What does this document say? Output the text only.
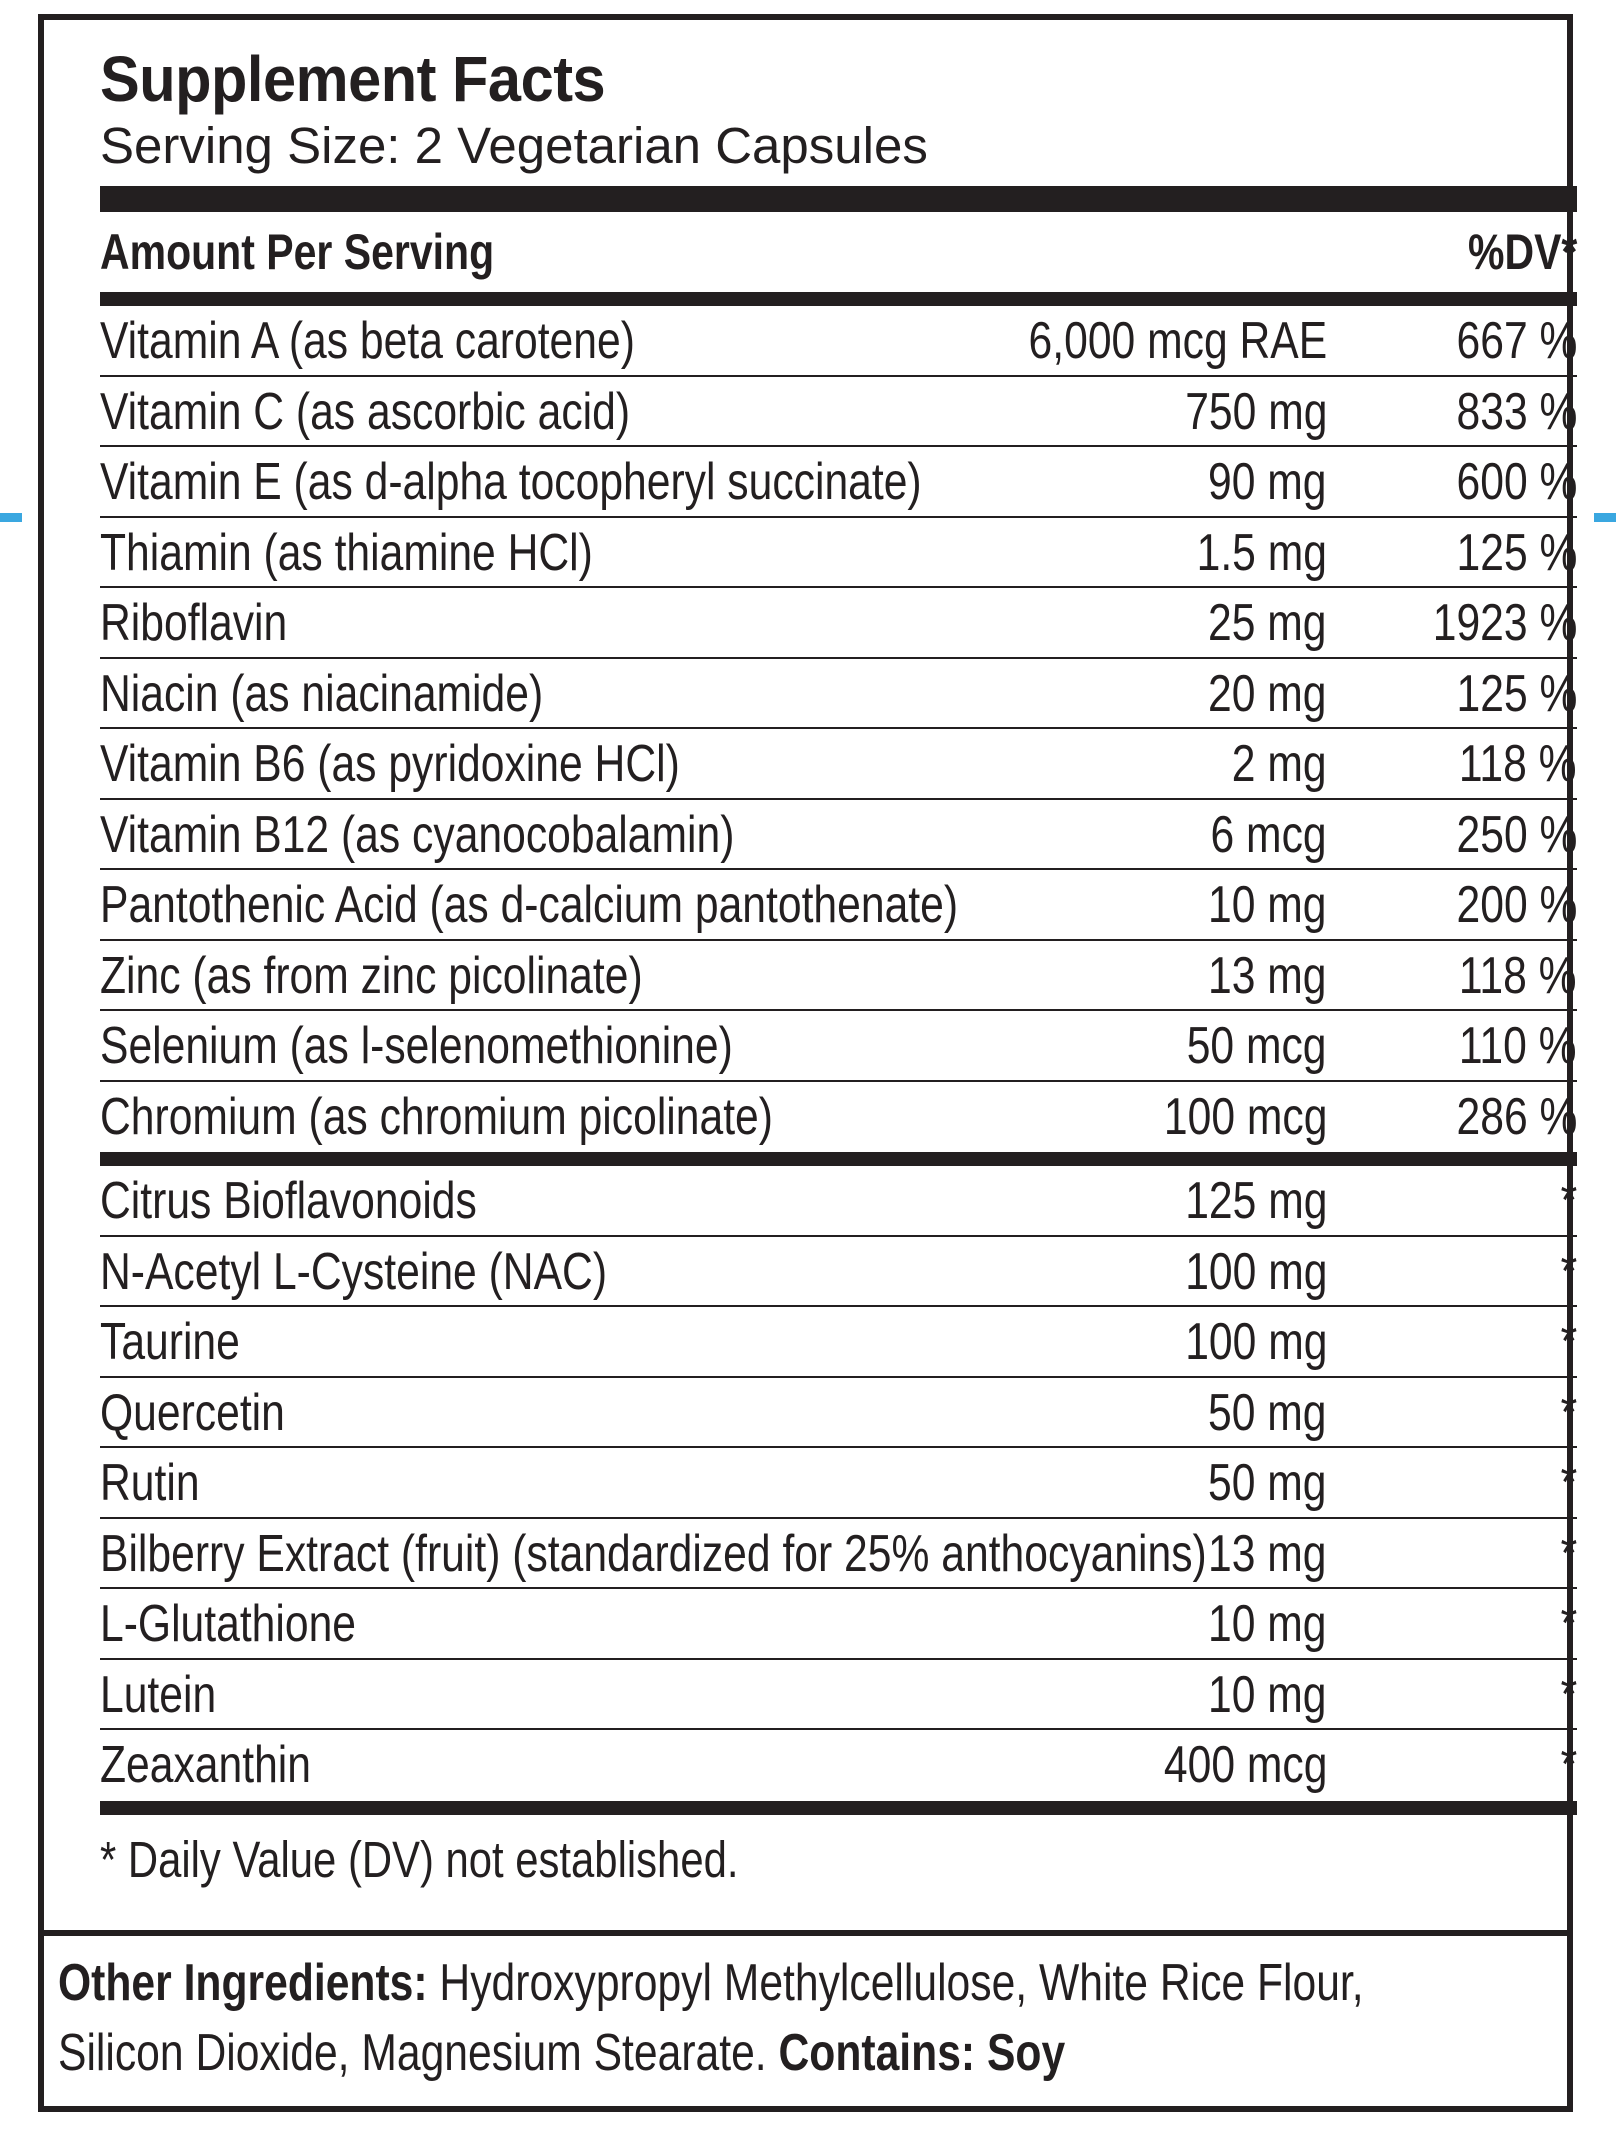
Supplement Facts

Serving Size: 2 Vegetarian Capsules

Amount Per Serving	%DV*
Vitamin A (as beta carotene)	6,000 mcg RAE 667 %
Vitamin C (as ascorbic acid)	750 mg 833 %
Vitamin E (as d-alpha tocopheryl succinate)	90 mg 600 %
Thiamin (as thiamine HCl)	1.5 mg 125 %
Riboflavin	25 mg 1923 %
Niacin (as niacinamide)	20 mg 125 %
Vitamin B6 (as pyridoxine HCl)	2 mg	118 %
Vitamin B12 (as cyanocobalamin)	6 mcg 250 %
Pantothenic Acid (as d-calcium pantothenate)	10 mg 200 %
Zinc (as from zinc picolinate)	13 mg	118 %
Selenium (as l-selenomethionine)	50 mcg	110 %
Chromium (as chromium picolinate)	100 mcg 286 %
Citrus Bioflavonoids	125 mg	*
N-Acetyl L-Cysteine (NAC)	100 mg	*
Taurine	100 mg	*
Quercetin	50 mg	*
Rutin	50 mg	*
Bilberry Extract (fruit) (standardized for 25% anthocyanins) 13 mg	*
L-Glutathione	10 mg	*
Lutein	10 mg	*
Zeaxanthin	400 mcg	*
* Daily Value (DV) not established.
Other Ingredients: Hydroxypropyl Methylcellulose, White Rice Flour,
Silicon Dioxide, Magnesium Stearate. Contains: Soy
